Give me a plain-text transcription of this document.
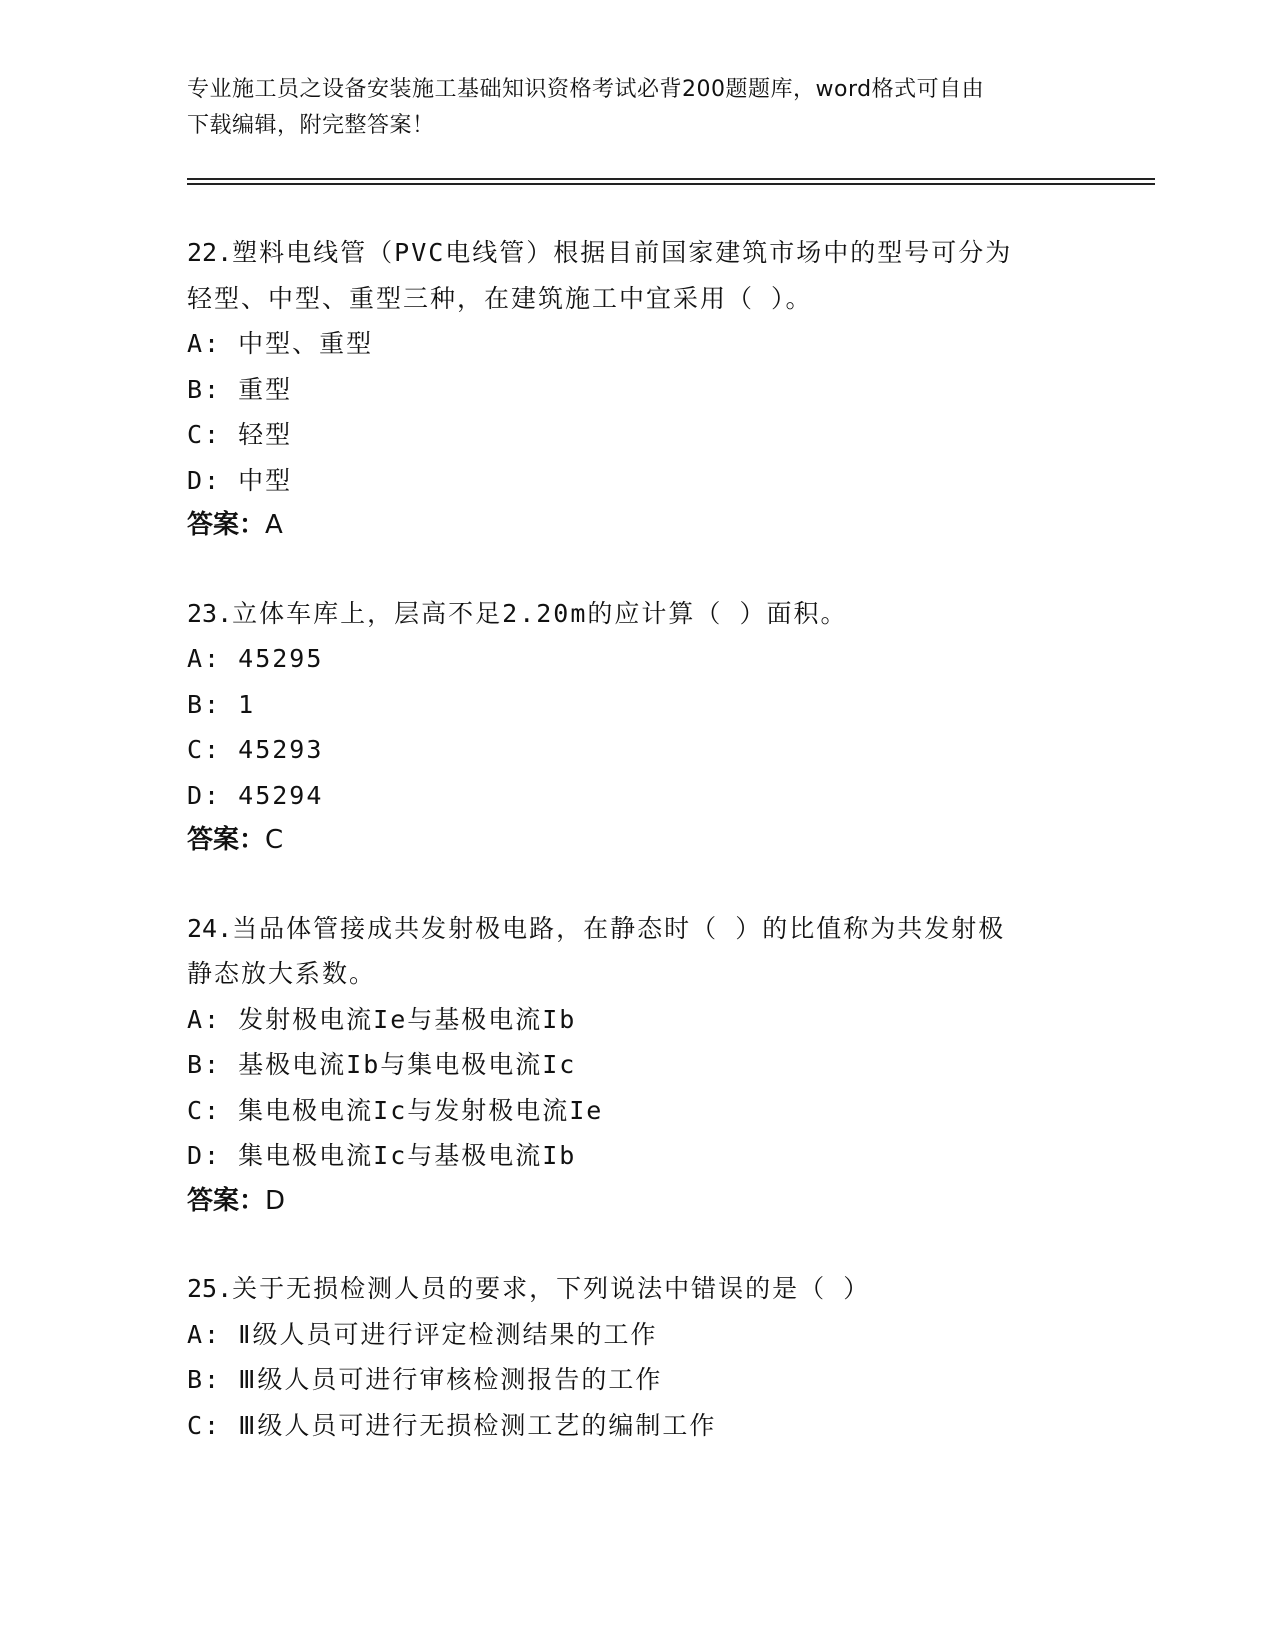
专业施工员之设备安装施工基础知识资格考试必背200题题库，word格式可自由
下载编辑，附完整答案！

22.塑料电线管（PVC电线管）根据目前国家建筑市场中的型号可分为

轻型、中型、重型三种，在建筑施工中宜采用（ ）。

A: 中型、重型

B: 重型

C: 轻型

D: 中型

答案：A

23.立体车库上，层高不足2.20m的应计算（ ）面积。

A: 45295

B: 1

C: 45293

D: 45294

答案：C

24.当品体管接成共发射极电路，在静态时（ ）的比值称为共发射极

静态放大系数。

A: 发射极电流Ie与基极电流Ib

B: 基极电流Ib与集电极电流Ic

C: 集电极电流Ic与发射极电流Ie

D: 集电极电流Ic与基极电流Ib

答案：D

25.关于无损检测人员的要求，下列说法中错误的是（ ）

A: Ⅱ级人员可进行评定检测结果的工作

B: Ⅲ级人员可进行审核检测报告的工作

C: Ⅲ级人员可进行无损检测工艺的编制工作
